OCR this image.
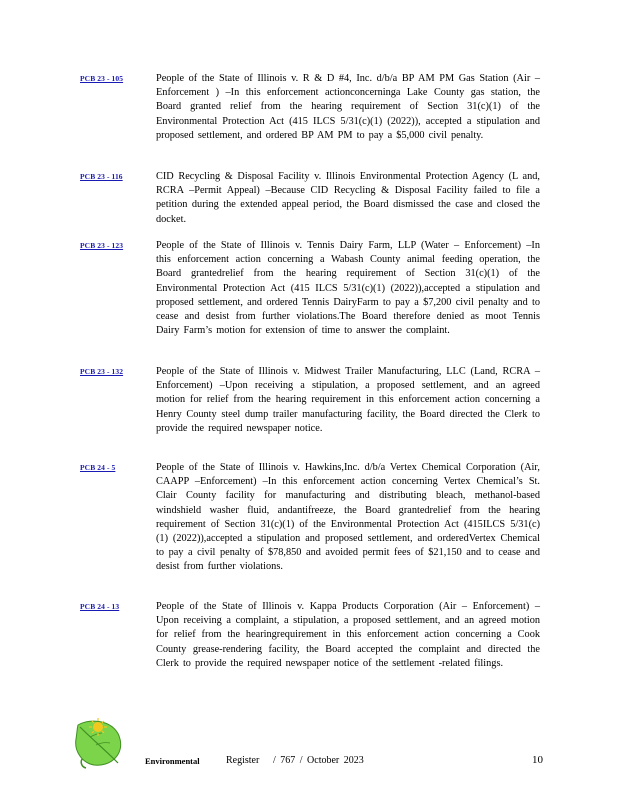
PCB 23 - 105	People of the State of Illinois v. R & D #4, Inc. d/b/a BP AM PM Gas Station (Air –Enforcement ) –In this enforcement actionconcerninga Lake County gas station, the Board granted relief from the hearing requirement of Section 31(c)(1) of the Environmental Protection Act (415 ILCS 5/31(c)(1) (2022)), accepted a stipulation and proposed settlement, and ordered BP AM PM to pay a $5,000 civil penalty.
PCB 23 - 116	CID Recycling & Disposal Facility v. Illinois Environmental Protection Agency (L and, RCRA –Permit Appeal) –Because CID Recycling & Disposal Facility failed to file a petition during the extended appeal period, the Board dismissed the case and closed the docket.
PCB 23 - 123	People of the State of Illinois v. Tennis Dairy Farm, LLP (Water – Enforcement) –In this enforcement action concerning a Wabash County animal feeding operation, the Board grantedrelief from the hearing requirement of Section 31(c)(1) of the Environmental Protection Act (415 ILCS 5/31(c)(1) (2022)),accepted a stipulation and proposed settlement, and ordered Tennis DairyFarm to pay a $7,200 civil penalty and to cease and desist from further violations.The Board therefore denied as moot Tennis Dairy Farm’s motion for extension of time to answer the complaint.
PCB 23 - 132	People of the State of Illinois v. Midwest Trailer Manufacturing, LLC (Land, RCRA –Enforcement) –Upon receiving a stipulation, a proposed settlement, and an agreed motion for relief from the hearing requirement in this enforcement action concerning a Henry County steel dump trailer manufacturing facility, the Board directed the Clerk to provide the required newspaper notice.
PCB 24 - 5	People of the State of Illinois v. Hawkins,Inc. d/b/a Vertex Chemical Corporation (Air, CAAPP –Enforcement) –In this enforcement action concerning Vertex Chemical’s St. Clair County facility for manufacturing and distributing bleach, methanol-based windshield washer fluid, andantifreeze, the Board grantedrelief from the hearing requirement of Section 31(c)(1) of the Environmental Protection Act (415ILCS 5/31(c)(1) (2022)),accepted a stipulation and proposed settlement, and orderedVertex Chemical to pay a civil penalty of $78,850 and avoided permit fees of $21,150 and to cease and desist from further violations.
PCB 24 - 13	People of the State of Illinois v. Kappa Products Corporation (Air – Enforcement) – Upon receiving a complaint, a stipulation, a proposed settlement, and an agreed motion for relief from the hearingrequirement in this enforcement action concerning a Cook County grease-rendering facility, the Board accepted the complaint and directed the Clerk to provide the required newspaper notice of the settlement -related filings.
Environmental	Register / 767 / October 2023	10
